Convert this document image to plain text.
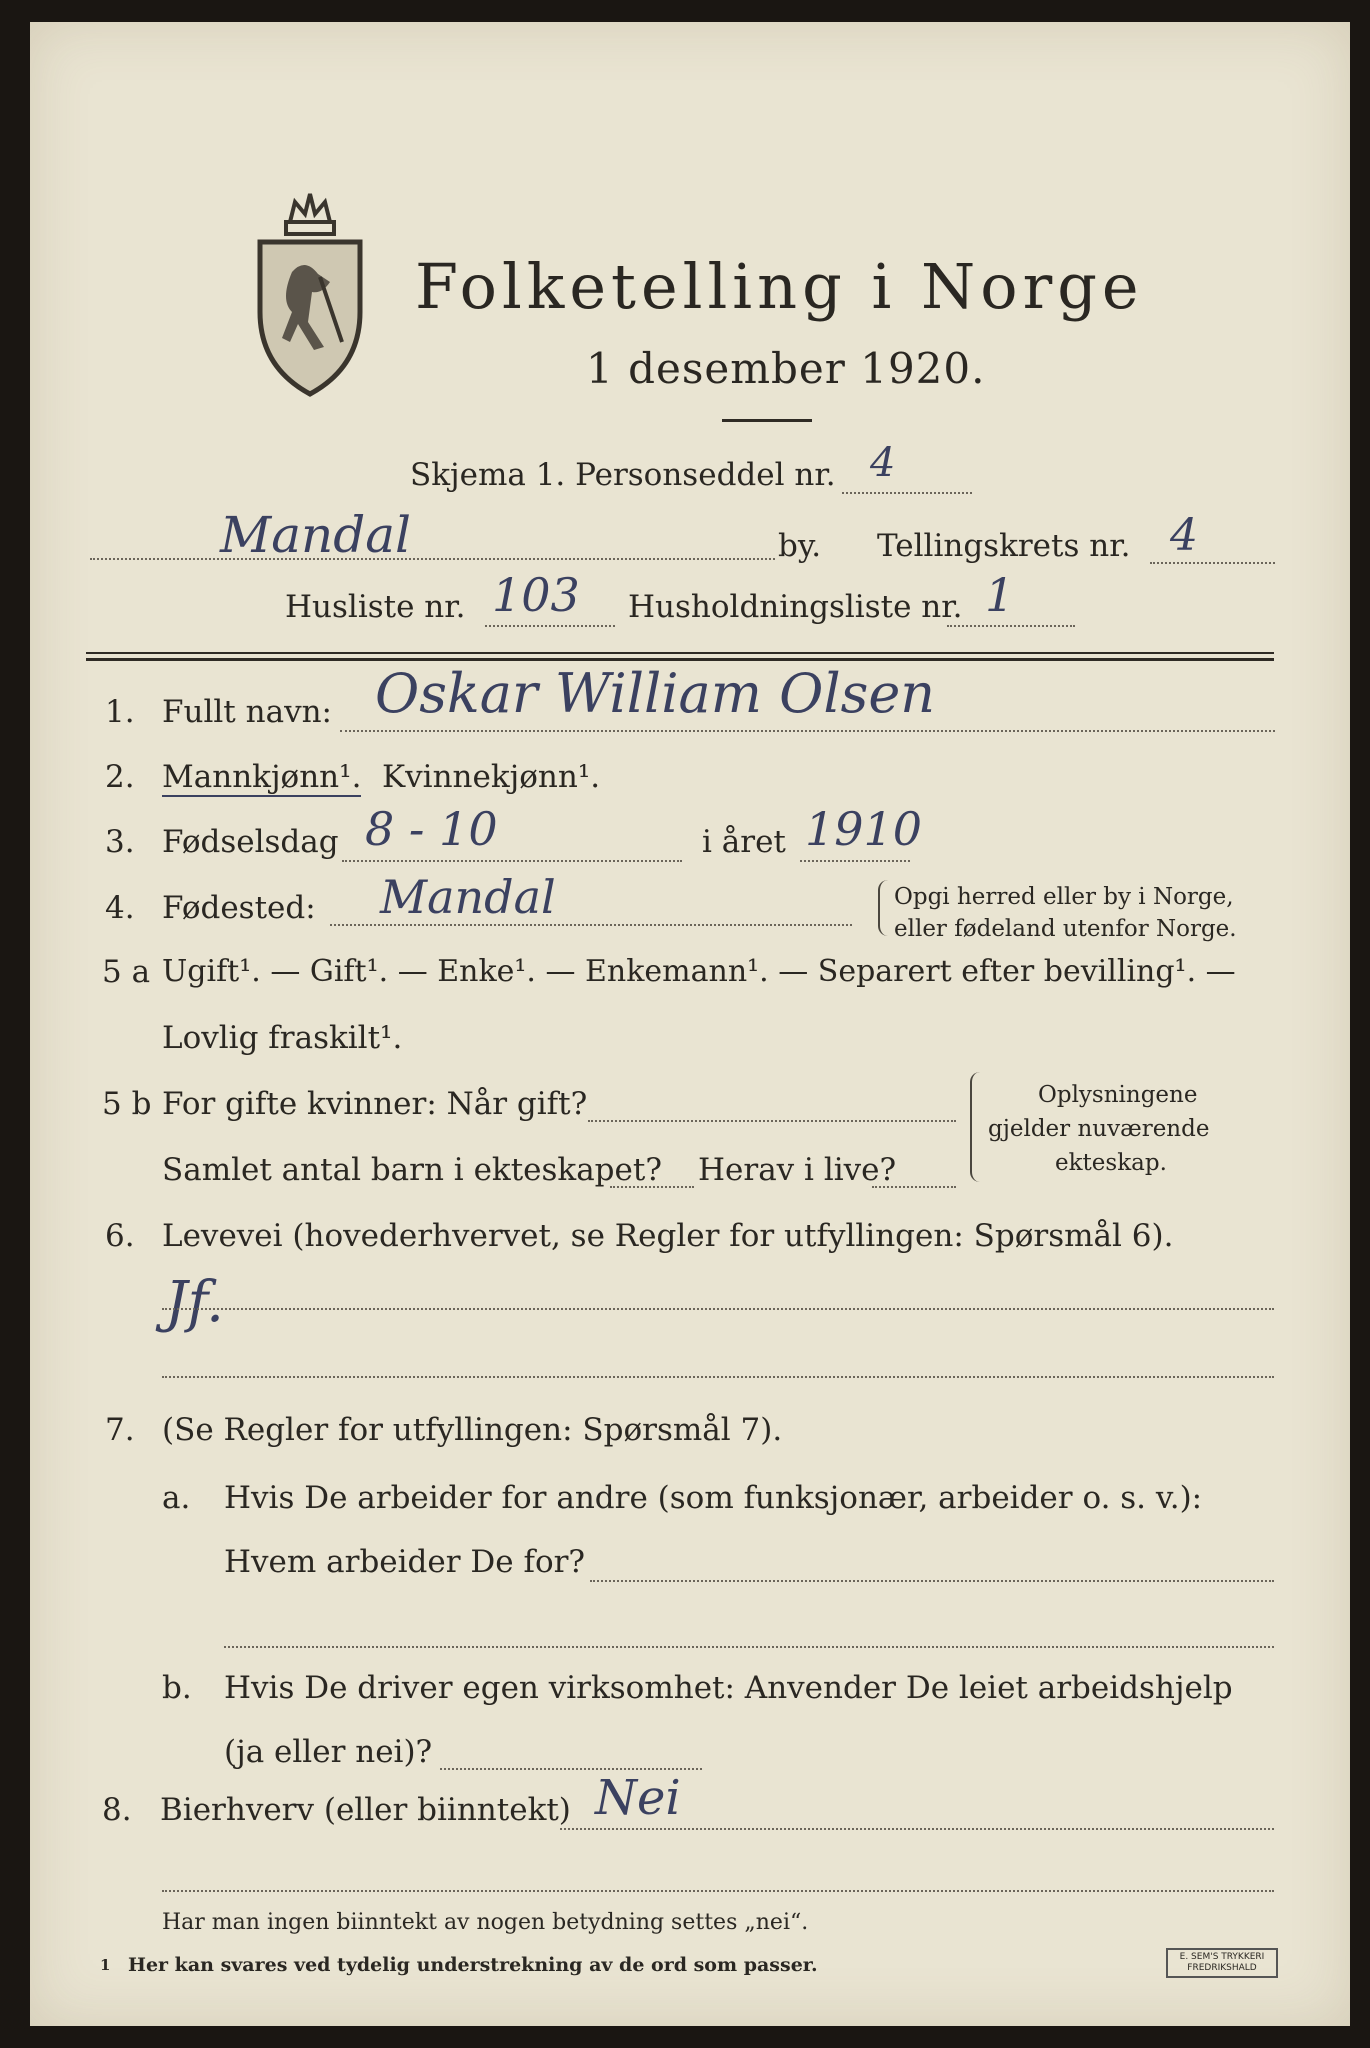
Folketelling i Norge
1 desember 1920.
Skjema 1. Personseddel nr. 4
Mandal	by. Tellingskrets nr. 4
Husliste nr. 103 Husholdningsliste nr. 1
1. Fullt navn: Oskar William Olsen
2. Mannkjønn¹. Kvinnekjønn¹.
3. Fødselsdag 8 - 10	i året 1910
4. Fødested: Mandal	Opgi herred eller by i Norge,
eller fødeland utenfor Norge.
5 a Ugift¹. — Gift¹. — Enke¹. — Enkemann¹. — Separert efter bevilling¹. —
Lovlig fraskilt¹.
5 b For gifte kvinner: Når gift?
Samlet antal barn i ekteskapet? Herav i live?
Oplysningene
gjelder nuværende
ekteskap.
6. Levevei (hovederhvervet, se Regler for utfyllingen: Spørsmål 6).
Jf.
7. (Se Regler for utfyllingen: Spørsmål 7).
a. Hvis De arbeider for andre (som funksjonær, arbeider o. s. v.):
Hvem arbeider De for?
b. Hvis De driver egen virksomhet: Anvender De leiet arbeidshjelp
(ja eller nei)?
8. Bierhverv (eller biinntekt) Nei
Har man ingen biinntekt av nogen betydning settes „nei“.
1 Her kan svares ved tydelig understrekning av de ord som passer.	E. SEM'S TRYKKERI FREDRIKSHALD
